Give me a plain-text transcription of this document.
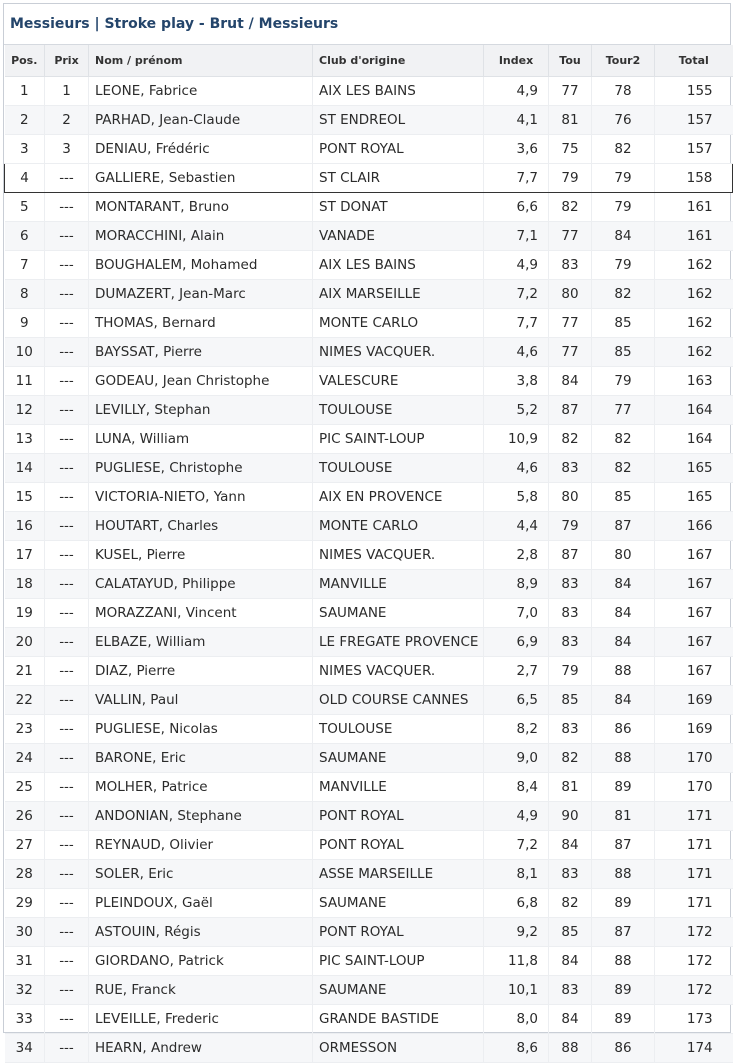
Messieurs | Stroke play - Brut / Messieurs
Pos.	Prix	Nom / prénom	Club d'origine	Index	Tou	Tour2	Total
1	1	LEONE, Fabrice	AIX LES BAINS	4,9	77	78	155
2	2	PARHAD, Jean-Claude	ST ENDREOL	4,1	81	76	157
3	3	DENIAU, Frédéric	PONT ROYAL	3,6	75	82	157
4	---	GALLIERE, Sebastien	ST CLAIR	7,7	79	79	158
5	---	MONTARANT, Bruno	ST DONAT	6,6	82	79	161
6	---	MORACCHINI, Alain	VANADE	7,1	77	84	161
7	---	BOUGHALEM, Mohamed	AIX LES BAINS	4,9	83	79	162
8	---	DUMAZERT, Jean-Marc	AIX MARSEILLE	7,2	80	82	162
9	---	THOMAS, Bernard	MONTE CARLO	7,7	77	85	162
10	---	BAYSSAT, Pierre	NIMES VACQUER.	4,6	77	85	162
11	---	GODEAU, Jean Christophe	VALESCURE	3,8	84	79	163
12	---	LEVILLY, Stephan	TOULOUSE	5,2	87	77	164
13	---	LUNA, William	PIC SAINT-LOUP	10,9	82	82	164
14	---	PUGLIESE, Christophe	TOULOUSE	4,6	83	82	165
15	---	VICTORIA-NIETO, Yann	AIX EN PROVENCE	5,8	80	85	165
16	---	HOUTART, Charles	MONTE CARLO	4,4	79	87	166
17	---	KUSEL, Pierre	NIMES VACQUER.	2,8	87	80	167
18	---	CALATAYUD, Philippe	MANVILLE	8,9	83	84	167
19	---	MORAZZANI, Vincent	SAUMANE	7,0	83	84	167
20	---	ELBAZE, William	LE FREGATE PROVENCE	6,9	83	84	167
21	---	DIAZ, Pierre	NIMES VACQUER.	2,7	79	88	167
22	---	VALLIN, Paul	OLD COURSE CANNES	6,5	85	84	169
23	---	PUGLIESE, Nicolas	TOULOUSE	8,2	83	86	169
24	---	BARONE, Eric	SAUMANE	9,0	82	88	170
25	---	MOLHER, Patrice	MANVILLE	8,4	81	89	170
26	---	ANDONIAN, Stephane	PONT ROYAL	4,9	90	81	171
27	---	REYNAUD, Olivier	PONT ROYAL	7,2	84	87	171
28	---	SOLER, Eric	ASSE MARSEILLE	8,1	83	88	171
29	---	PLEINDOUX, Gaël	SAUMANE	6,8	82	89	171
30	---	ASTOUIN, Régis	PONT ROYAL	9,2	85	87	172
31	---	GIORDANO, Patrick	PIC SAINT-LOUP	11,8	84	88	172
32	---	RUE, Franck	SAUMANE	10,1	83	89	172
33	---	LEVEILLE, Frederic	GRANDE BASTIDE	8,0	84	89	173
34	---	HEARN, Andrew	ORMESSON	8,6	88	86	174
